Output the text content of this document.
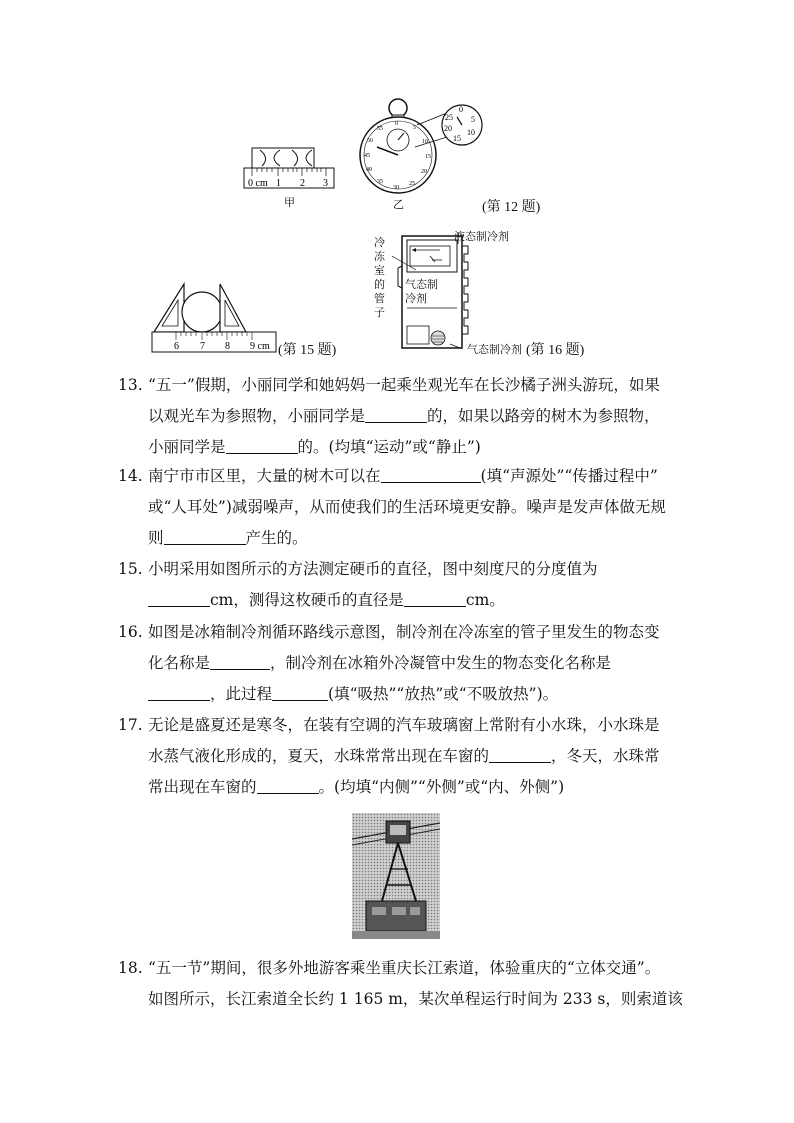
0 cm 1 2 3
甲
0
5
10
15
20
25
30
35
40
45
50
55
0
5
10
15
20
25
乙	(第 12 题)
6 7 8 9 cm (第 15 题)
液态制冷剂
冷冻室的管子
气态制冷剂
气态制冷剂 (第 16 题)
13. “五一”假期，小丽同学和她妈妈一起乘坐观光车在长沙橘子洲头游玩，如果
以观光车为参照物，小丽同学是	的，如果以路旁的树木为参照物，
小丽同学是	的。(均填“运动”或“静止”)
14. 南宁市市区里，大量的树木可以在	(填“声源处”“传播过程中”
或“人耳处”)减弱噪声，从而使我们的生活环境更安静。噪声是发声体做无规
则	产生的。
15. 小明采用如图所示的方法测定硬币的直径，图中刻度尺的分度值为
cm，测得这枚硬币的直径是	cm。
16. 如图是冰箱制冷剂循环路线示意图，制冷剂在冷冻室的管子里发生的物态变
化名称是	，制冷剂在冰箱外冷凝管中发生的物态变化名称是
，此过程	(填“吸热”“放热”或“不吸放热”)。
17. 无论是盛夏还是寒冬，在装有空调的汽车玻璃窗上常附有小水珠，小水珠是
水蒸气液化形成的，夏天，水珠常常出现在车窗的	，冬天，水珠常
常出现在车窗的	。(均填“内侧”“外侧”或“内、外侧”)
18. “五一节”期间，很多外地游客乘坐重庆长江索道，体验重庆的“立体交通”。
如图所示，长江索道全长约 1 165 m，某次单程运行时间为 233 s，则索道该
